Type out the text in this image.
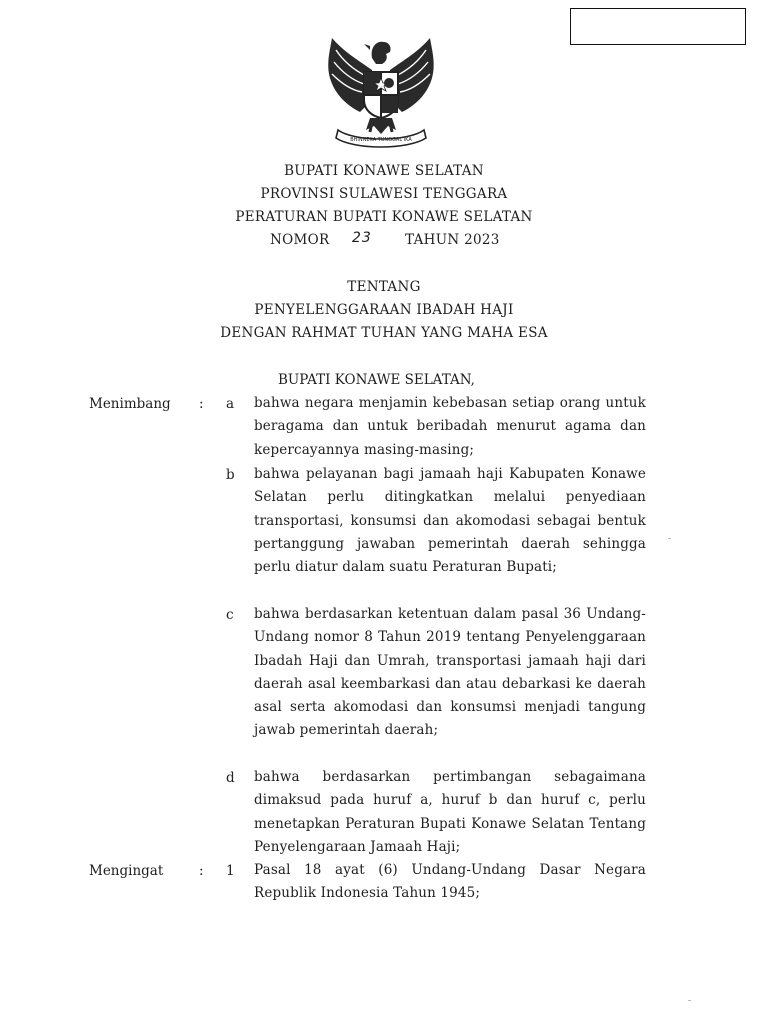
BHINNEKA TUNGGAL IKA
BUPATI KONAWE SELATAN
PROVINSI SULAWESI TENGGARA
PERATURAN BUPATI KONAWE SELATAN
NOMOR 23 TAHUN 2023
TENTANG
PENYELENGGARAAN IBADAH HAJI
DENGAN RAHMAT TUHAN YANG MAHA ESA
BUPATI KONAWE SELATAN,
Menimbang : a bahwa negara menjamin kebebasan setiap orang untuk beragama dan untuk beribadah menurut agama dan kepercayannya masing-masing;

b bahwa pelayanan bagi jamaah haji Kabupaten Konawe Selatan perlu ditingkatkan melalui penyediaan transportasi, konsumsi dan akomodasi sebagai bentuk pertanggung jawaban pemerintah daerah sehingga perlu diatur dalam suatu Peraturan Bupati;

c bahwa berdasarkan ketentuan dalam pasal 36 Undang-Undang nomor 8 Tahun 2019 tentang Penyelenggaraan Ibadah Haji dan Umrah, transportasi jamaah haji dari daerah asal keembarkasi dan atau debarkasi ke daerah asal serta akomodasi dan konsumsi menjadi tangung jawab pemerintah daerah;

d bahwa berdasarkan pertimbangan sebagaimana dimaksud pada huruf a, huruf b dan huruf c, perlu menetapkan Peraturan Bupati Konawe Selatan Tentang Penyelengaraan Jamaah Haji;

Mengingat	: 1 Pasal 18 ayat (6) Undang-Undang Dasar Negara Republik Indonesia Tahun 1945;
